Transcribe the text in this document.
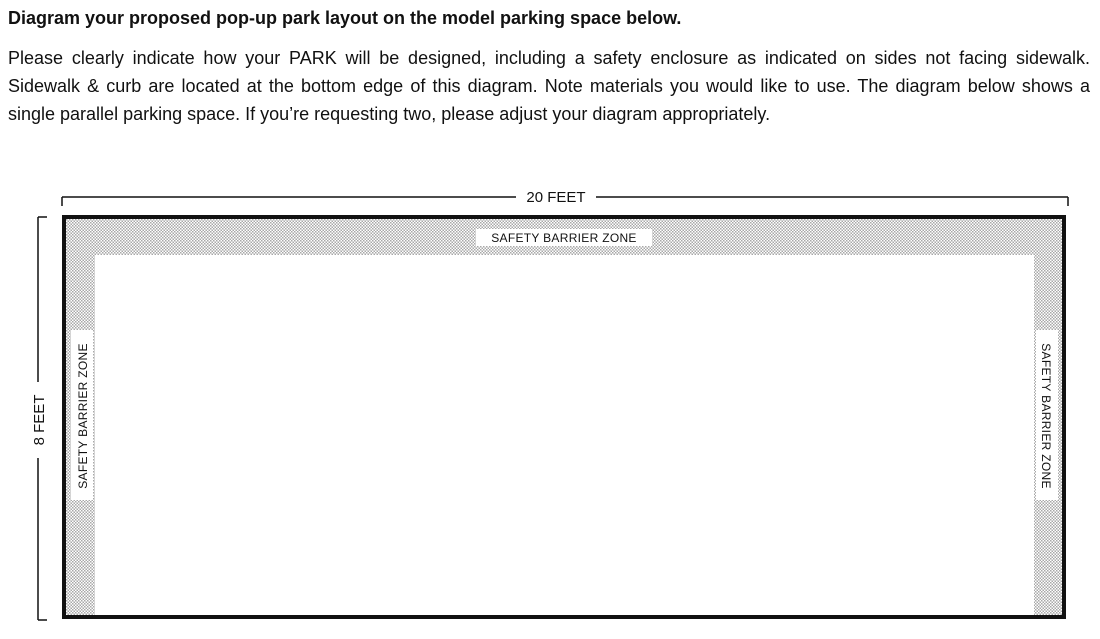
Diagram your proposed pop-up park layout on the model parking space below.

Please clearly indicate how your PARK will be designed, including a safety enclosure as indicated on sides not facing sidewalk. Sidewalk & curb are located at the bottom edge of this diagram. Note materials you would like to use. The diagram below shows a single parallel parking space. If you’re requesting two, please adjust your diagram appropriately.

20 FEET
8 FEET
SAFETY BARRIER ZONE
SAFETY BARRIER ZONE	SAFETY BARRIER ZONE
